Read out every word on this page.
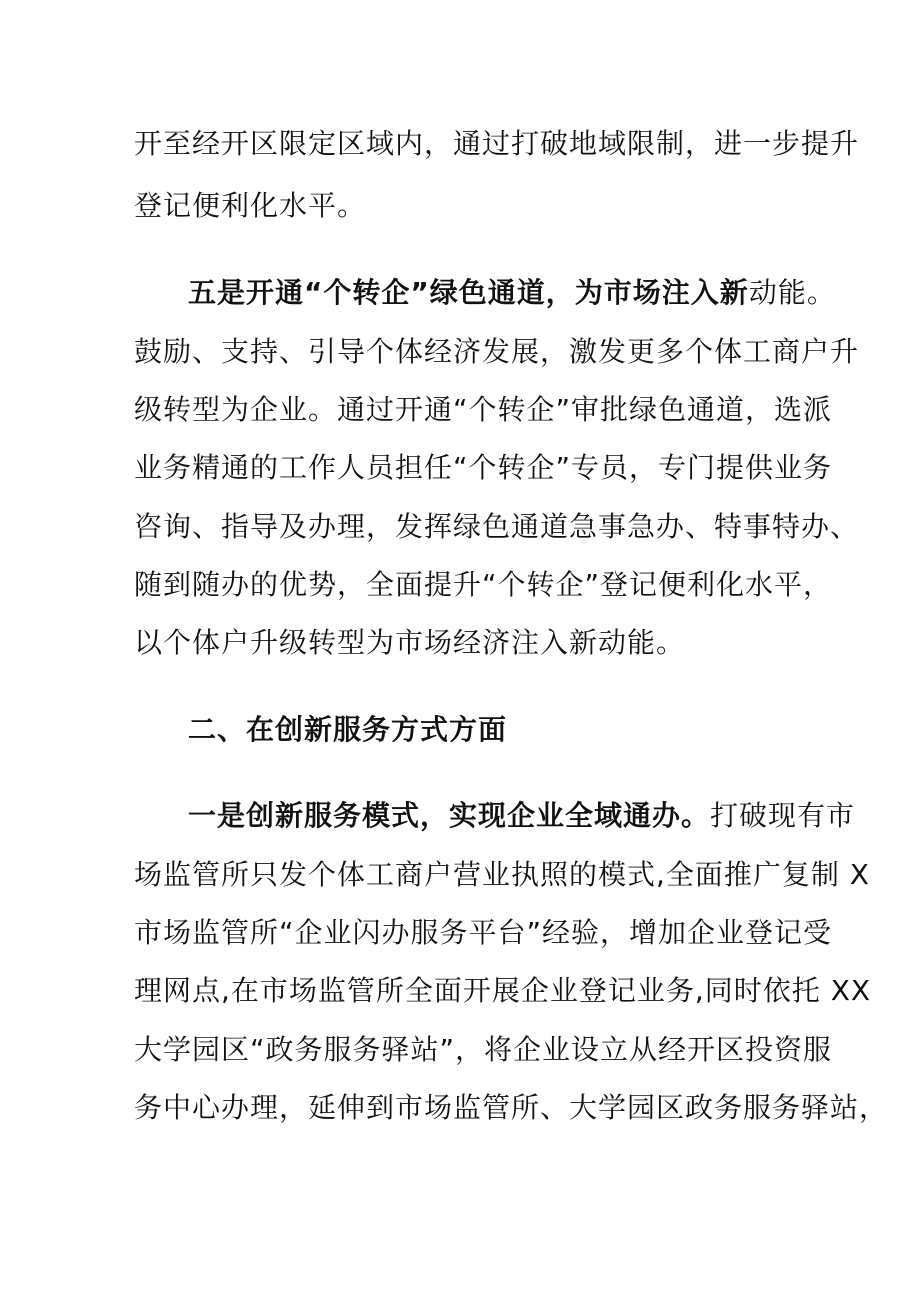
开至经开区限定区域内，通过打破地域限制，进一步提升
登记便利化水平。
五是开通“个转企”绿色通道，为市场注入新动能。
鼓励、支持、引导个体经济发展，激发更多个体工商户升
级转型为企业。通过开通“个转企”审批绿色通道，选派
业务精通的工作人员担任“个转企”专员，专门提供业务
咨询、指导及办理，发挥绿色通道急事急办、特事特办、
随到随办的优势，全面提升“个转企”登记便利化水平，
以个体户升级转型为市场经济注入新动能。
二、在创新服务方式方面
一是创新服务模式，实现企业全域通办。打破现有市
场监管所只发个体工商户营业执照的模式,全面推广复制 X
市场监管所“企业闪办服务平台”经验，增加企业登记受
理网点,在市场监管所全面开展企业登记业务,同时依托 XX
大学园区“政务服务驿站”，将企业设立从经开区投资服
务中心办理，延伸到市场监管所、大学园区政务服务驿站，
